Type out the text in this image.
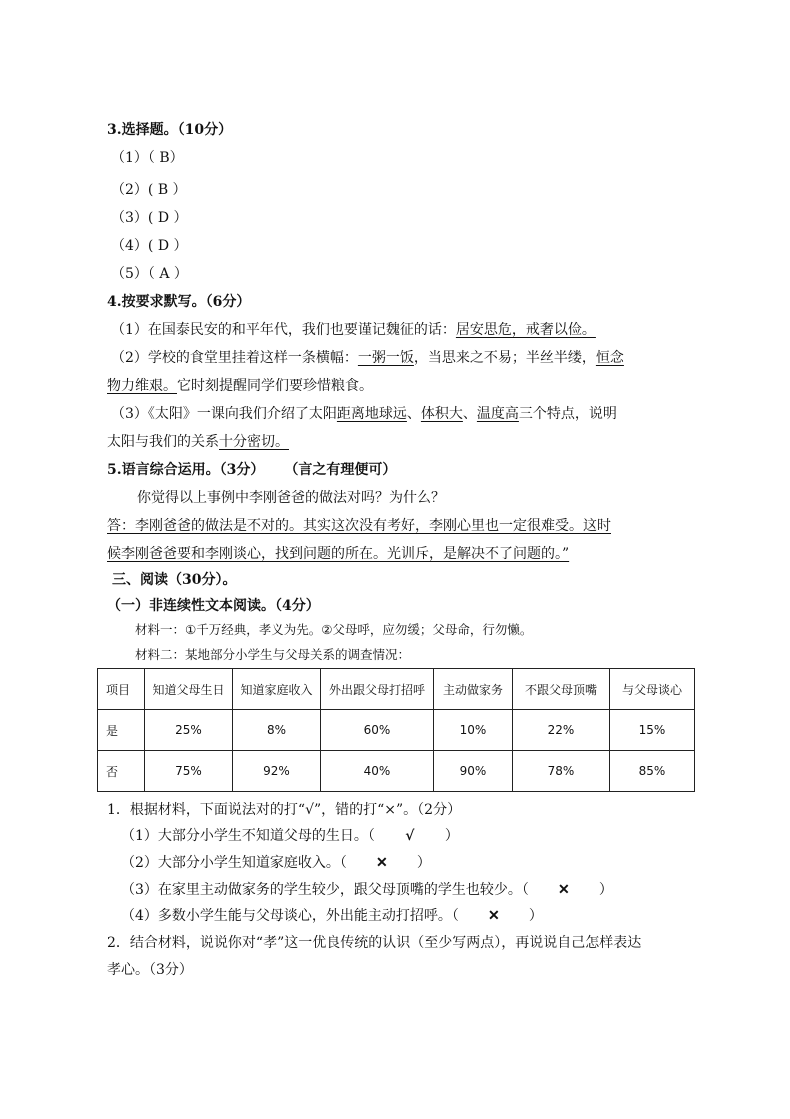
3.选择题。（10分）
（1）（ B）
（2）( B ）
（3）( D ）
（4）( D ）
（5）（ A ）
4.按要求默写。（6分）
（1）在国泰民安的和平年代，我们也要谨记魏征的话：居安思危，戒奢以俭。
（2）学校的食堂里挂着这样一条横幅：一粥一饭，当思来之不易；半丝半缕，恒念
物力维艰。它时刻提醒同学们要珍惜粮食。
（3）《太阳》一课向我们介绍了太阳距离地球远、体积大、温度高三个特点，说明
太阳与我们的关系十分密切。
5.语言综合运用。（3分） （言之有理便可）
你觉得以上事例中李刚爸爸的做法对吗？为什么？
答：李刚爸爸的做法是不对的。其实这次没有考好，李刚心里也一定很难受。这时
候李刚爸爸要和李刚谈心，找到问题的所在。光训斥，是解决不了问题的。”
三、阅读（30分）。
（一）非连续性文本阅读。（4分）
材料一：①千万经典，孝义为先。②父母呼，应勿缓；父母命，行勿懒。
材料二：某地部分小学生与父母关系的调查情况：
项目	知道父母生日	知道家庭收入	外出跟父母打招呼	主动做家务	不跟父母顶嘴	与父母谈心
是	25%	8%	60%	10%	22%	15%
否	75%	92%	40%	90%	78%	85%
1．根据材料，下面说法对的打“√”，错的打“×”。（2分）
（1）大部分小学生不知道父母的生日。（ √ ）
（2）大部分小学生知道家庭收入。（ ✕ ）
（3）在家里主动做家务的学生较少，跟父母顶嘴的学生也较少。（ ✕ ）
（4）多数小学生能与父母谈心，外出能主动打招呼。（ ✕ ）
2．结合材料，说说你对“孝”这一优良传统的认识（至少写两点），再说说自己怎样表达
孝心。（3分）
